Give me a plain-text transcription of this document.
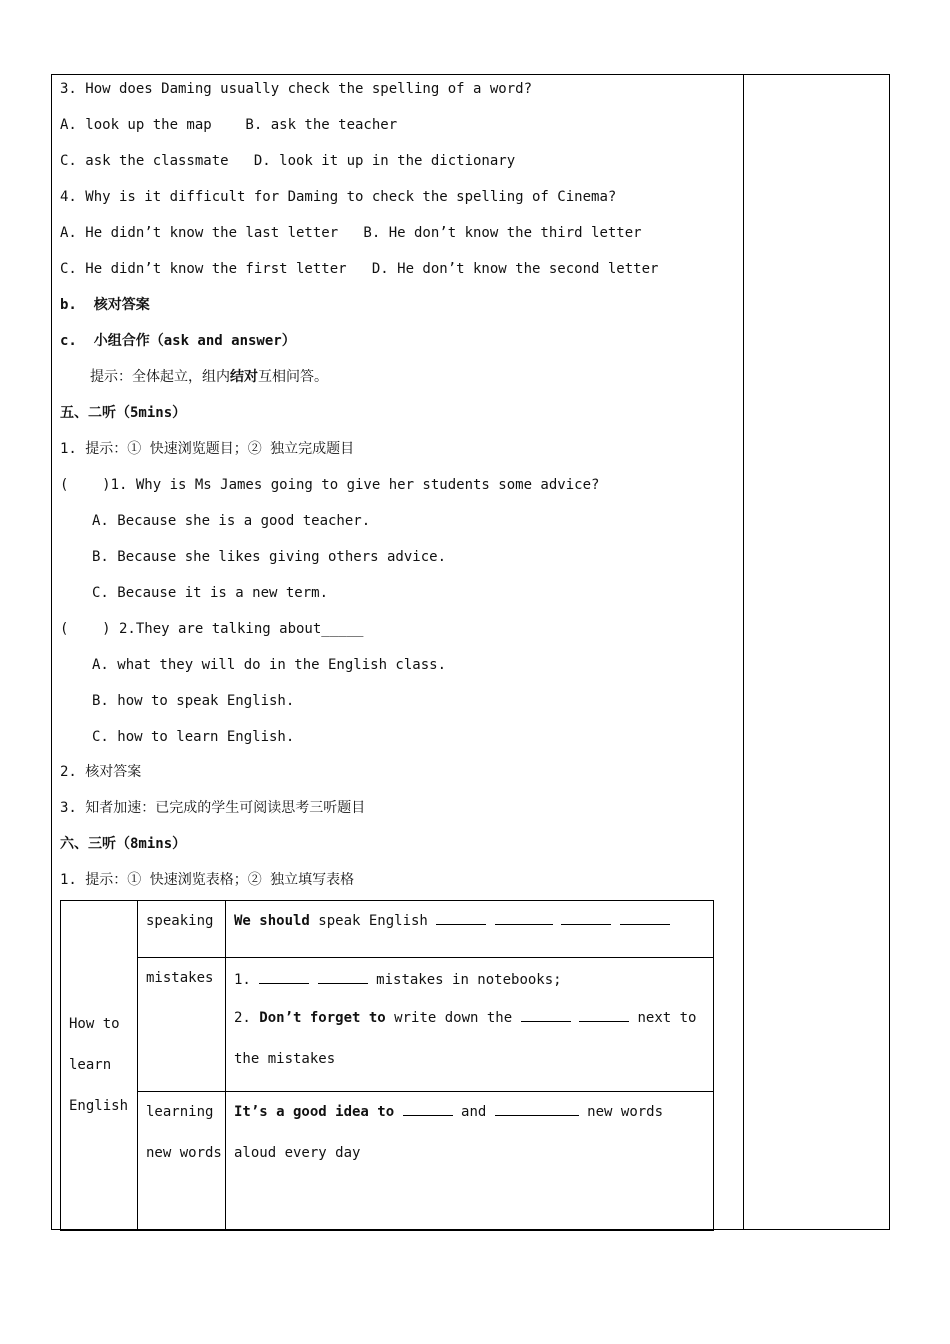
3. How does Daming usually check the spelling of a word?
A. look up the map    B. ask the teacher
C. ask the classmate   D. look it up in the dictionary
4. Why is it difficult for Daming to check the spelling of Cinema?
A. He didn’t know the last letter   B. He don’t know the third letter
C. He didn’t know the first letter   D. He don’t know the second letter
b.  核对答案
c.  小组合作（ask and answer）
提示：全体起立，组内结对互相问答。
五、二听（5mins）
1. 提示：① 快速浏览题目；② 独立完成题目
(    )1. Why is Ms James going to give her students some advice?
A. Because she is a good teacher.
B. Because she likes giving others advice.
C. Because it is a new term.
(    ) 2.They are talking about_____
A. what they will do in the English class.
B. how to speak English.
C. how to learn English.
2. 核对答案
3. 知者加速：已完成的学生可阅读思考三听题目
六、三听（8mins）
1. 提示：① 快速浏览表格；② 独立填写表格
How to learn English	speaking	We should speak English

	mistakes	1. mistakes in notebooks;
2. Don’t forget to write down the next to the mistakes

	learning new words	It’s a good idea to and new words aloud every day
